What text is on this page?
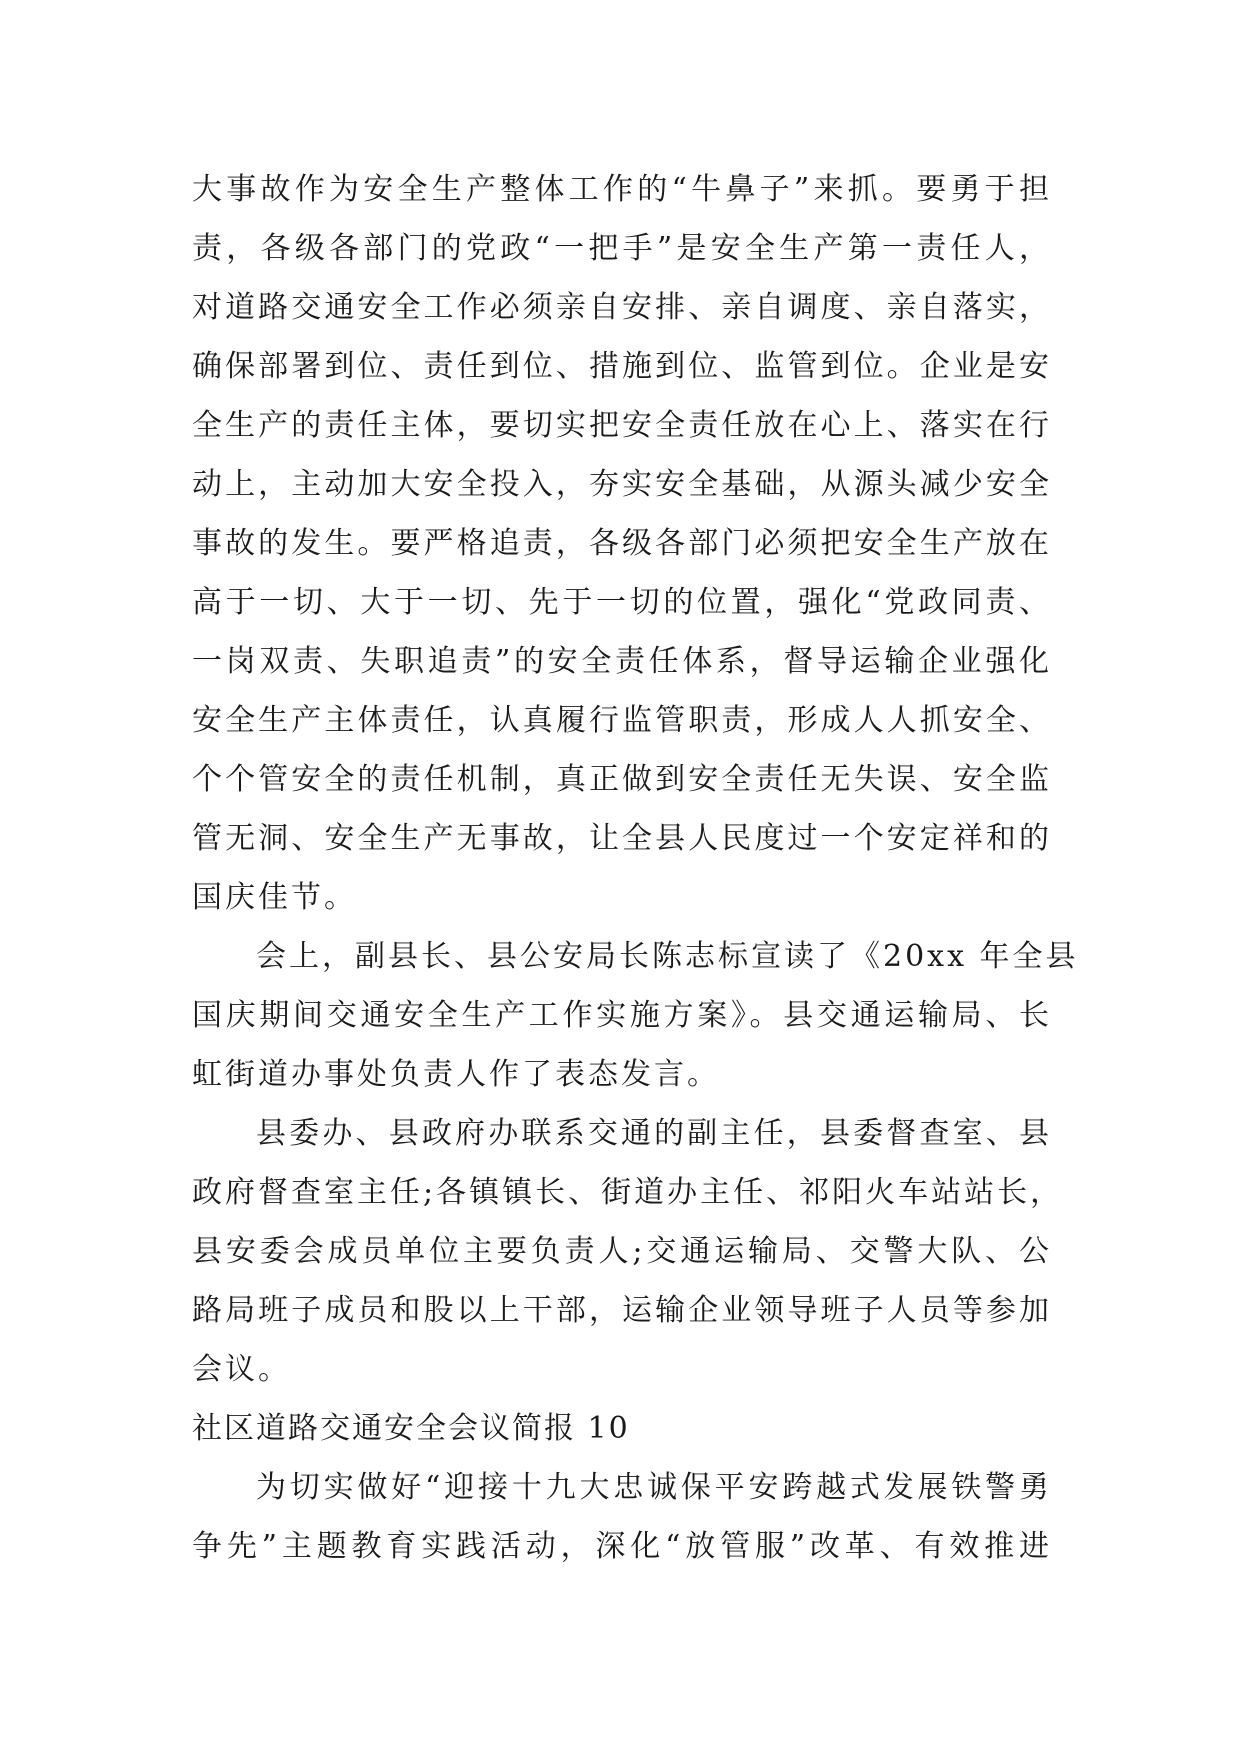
大事故作为安全生产整体工作的“牛鼻子”来抓。要勇于担
责，各级各部门的党政“一把手”是安全生产第一责任人，
对道路交通安全工作必须亲自安排、亲自调度、亲自落实，
确保部署到位、责任到位、措施到位、监管到位。企业是安
全生产的责任主体，要切实把安全责任放在心上、落实在行
动上，主动加大安全投入，夯实安全基础，从源头减少安全
事故的发生。要严格追责，各级各部门必须把安全生产放在
高于一切、大于一切、先于一切的位置，强化“党政同责、
一岗双责、失职追责”的安全责任体系，督导运输企业强化
安全生产主体责任，认真履行监管职责，形成人人抓安全、
个个管安全的责任机制，真正做到安全责任无失误、安全监
管无洞、安全生产无事故，让全县人民度过一个安定祥和的
国庆佳节。
会上，副县长、县公安局长陈志标宣读了《20xx 年全县
国庆期间交通安全生产工作实施方案》。县交通运输局、长
虹街道办事处负责人作了表态发言。
县委办、县政府办联系交通的副主任，县委督查室、县
政府督查室主任;各镇镇长、街道办主任、祁阳火车站站长，
县安委会成员单位主要负责人;交通运输局、交警大队、公
路局班子成员和股以上干部，运输企业领导班子人员等参加
会议。
社区道路交通安全会议简报 10
为切实做好“迎接十九大忠诚保平安跨越式发展铁警勇
争先”主题教育实践活动，深化“放管服”改革、有效推进
